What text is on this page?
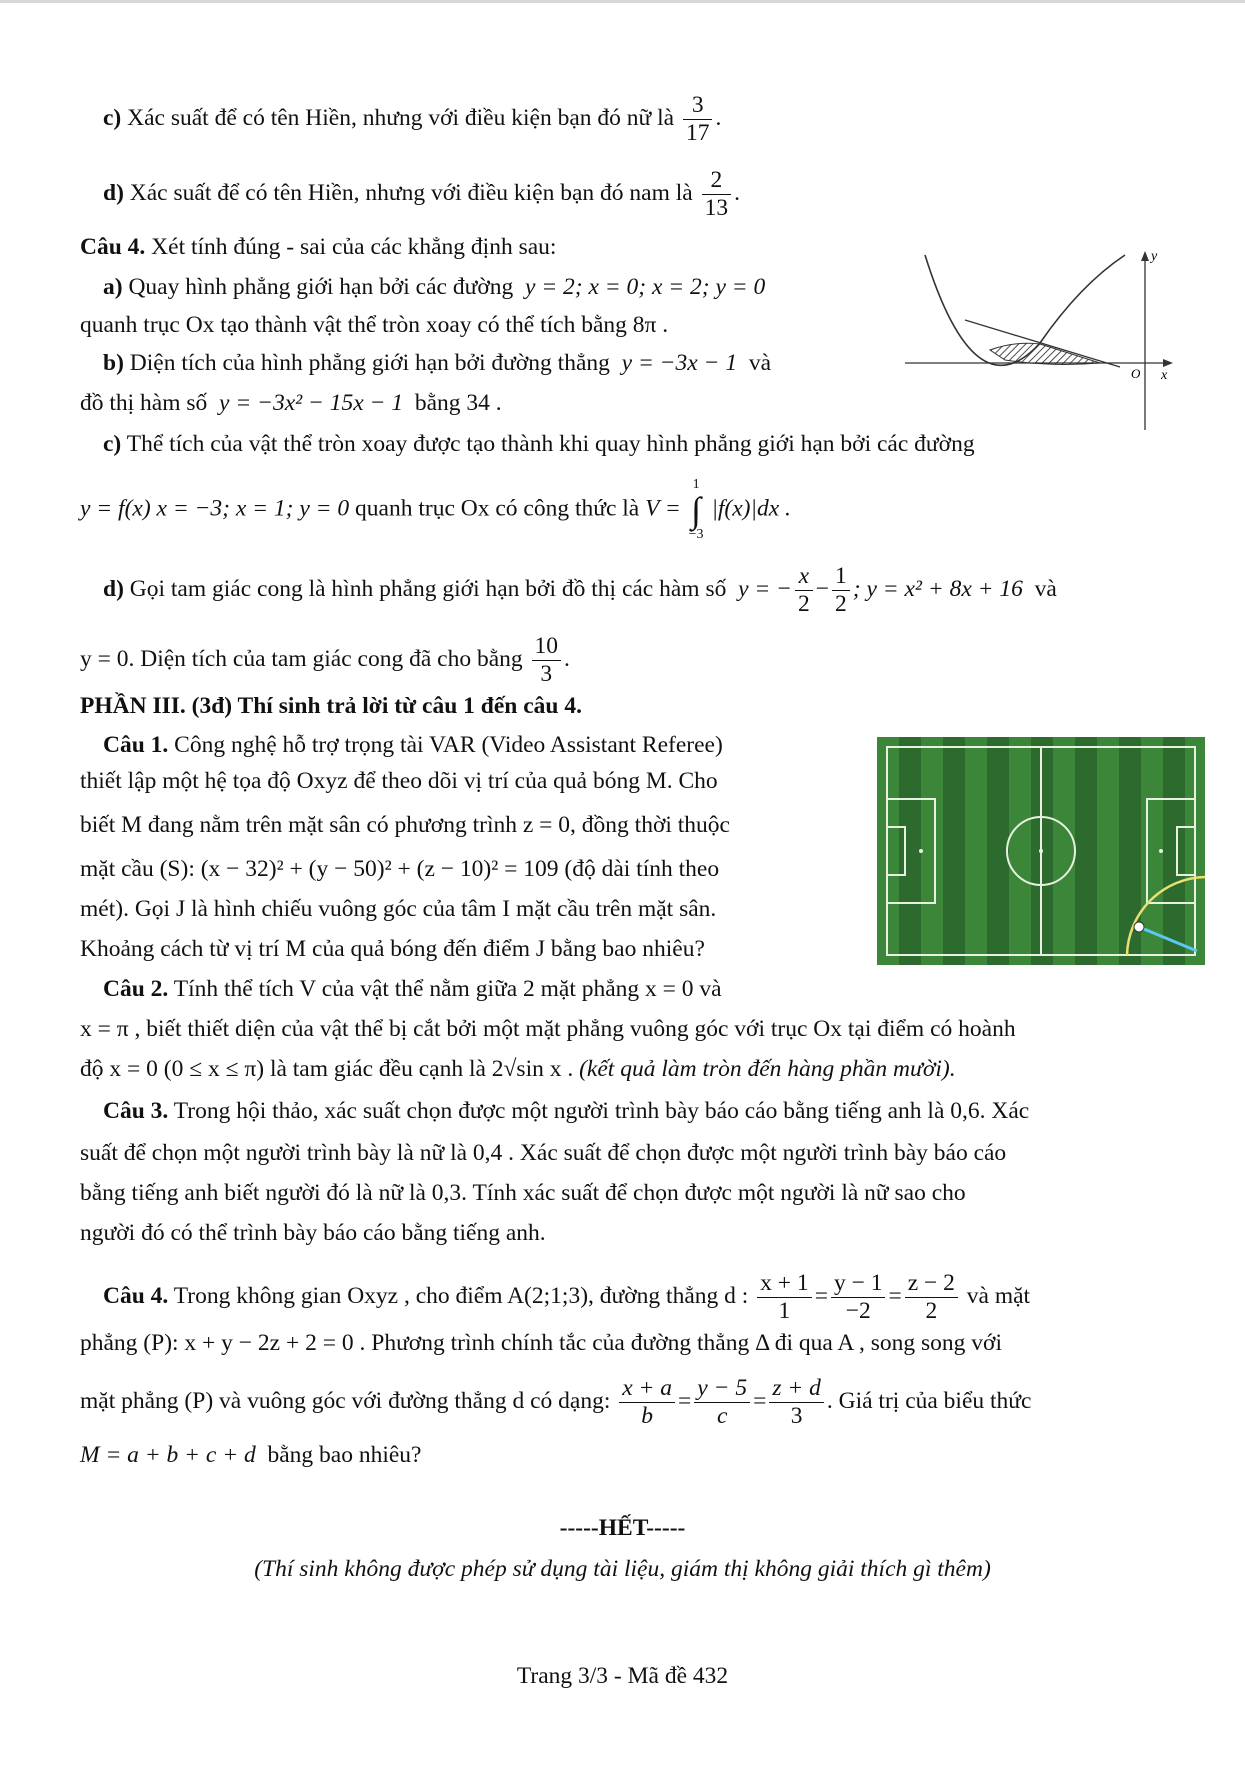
c) Xác suất để có tên Hiền, nhưng với điều kiện bạn đó nữ là $\frac{3}{17}$ .
d) Xác suất để có tên Hiền, nhưng với điều kiện bạn đó nam là $\frac{2}{13}$ .
Câu 4. Xét tính đúng - sai của các khẳng định sau:
a) Quay hình phẳng giới hạn bởi các đường y = 2; x = 0; x = 2; y = 0
quanh trục Ox tạo thành vật thể tròn xoay có thể tích bằng 8π .
b) Diện tích của hình phẳng giới hạn bởi đường thẳng y = −3x − 1 và
đồ thị hàm số y = −3x² − 15x − 1 bằng 34 .
y
x
O
c) Thể tích của vật thể tròn xoay được tạo thành khi quay hình phẳng giới hạn bởi các đường
y = f(x) x = −3; x = 1; y = 0 quanh trục Ox có công thức là V =
1
∫
−3
|f(x)|dx .
d) Gọi tam giác cong là hình phẳng giới hạn bởi đồ thị các hàm số y = − $\frac{x}{2} - \frac{1}{2}$ ; y = x² + 8x + 16 và
y = 0. Diện tích của tam giác cong đã cho bằng $\frac{10}{3}$ .
PHẦN III. (3đ) Thí sinh trả lời từ câu 1 đến câu 4.
Câu 1. Công nghệ hỗ trợ trọng tài VAR (Video Assistant Referee)
thiết lập một hệ tọa độ Oxyz để theo dõi vị trí của quả bóng M. Cho
biết M đang nằm trên mặt sân có phương trình z = 0, đồng thời thuộc
mặt cầu (S): (x − 32)² + (y − 50)² + (z − 10)² = 109 (độ dài tính theo
mét). Gọi J là hình chiếu vuông góc của tâm I mặt cầu trên mặt sân.
Khoảng cách từ vị trí M của quả bóng đến điểm J bằng bao nhiêu?
Câu 2. Tính thể tích V của vật thể nằm giữa 2 mặt phẳng x = 0 và
x = π , biết thiết diện của vật thể bị cắt bởi một mặt phẳng vuông góc với trục Ox tại điểm có hoành
độ x = 0 (0 ≤ x ≤ π) là tam giác đều cạnh là 2√sin x . (kết quả làm tròn đến hàng phần mười).
Câu 3. Trong hội thảo, xác suất chọn được một người trình bày báo cáo bằng tiếng anh là 0,6. Xác
suất để chọn một người trình bày là nữ là 0,4 . Xác suất để chọn được một người trình bày báo cáo
bằng tiếng anh biết người đó là nữ là 0,3. Tính xác suất để chọn được một người là nữ sao cho
người đó có thể trình bày báo cáo bằng tiếng anh.
Câu 4. Trong không gian Oxyz , cho điểm A(2;1;3), đường thẳng d : $\frac{x + 1}{1} = \frac{y - 1}{-2} = \frac{z - 2}{2}$ và mặt
phẳng (P): x + y − 2z + 2 = 0 . Phương trình chính tắc của đường thẳng Δ đi qua A , song song với
mặt phẳng (P) và vuông góc với đường thẳng d có dạng: $\frac{x + a}{b} = \frac{y - 5}{c} = \frac{z + d}{3}$ . Giá trị của biểu thức
M = a + b + c + d bằng bao nhiêu?
-----HẾT-----
(Thí sinh không được phép sử dụng tài liệu, giám thị không giải thích gì thêm)
Trang 3/3 - Mã đề 432
